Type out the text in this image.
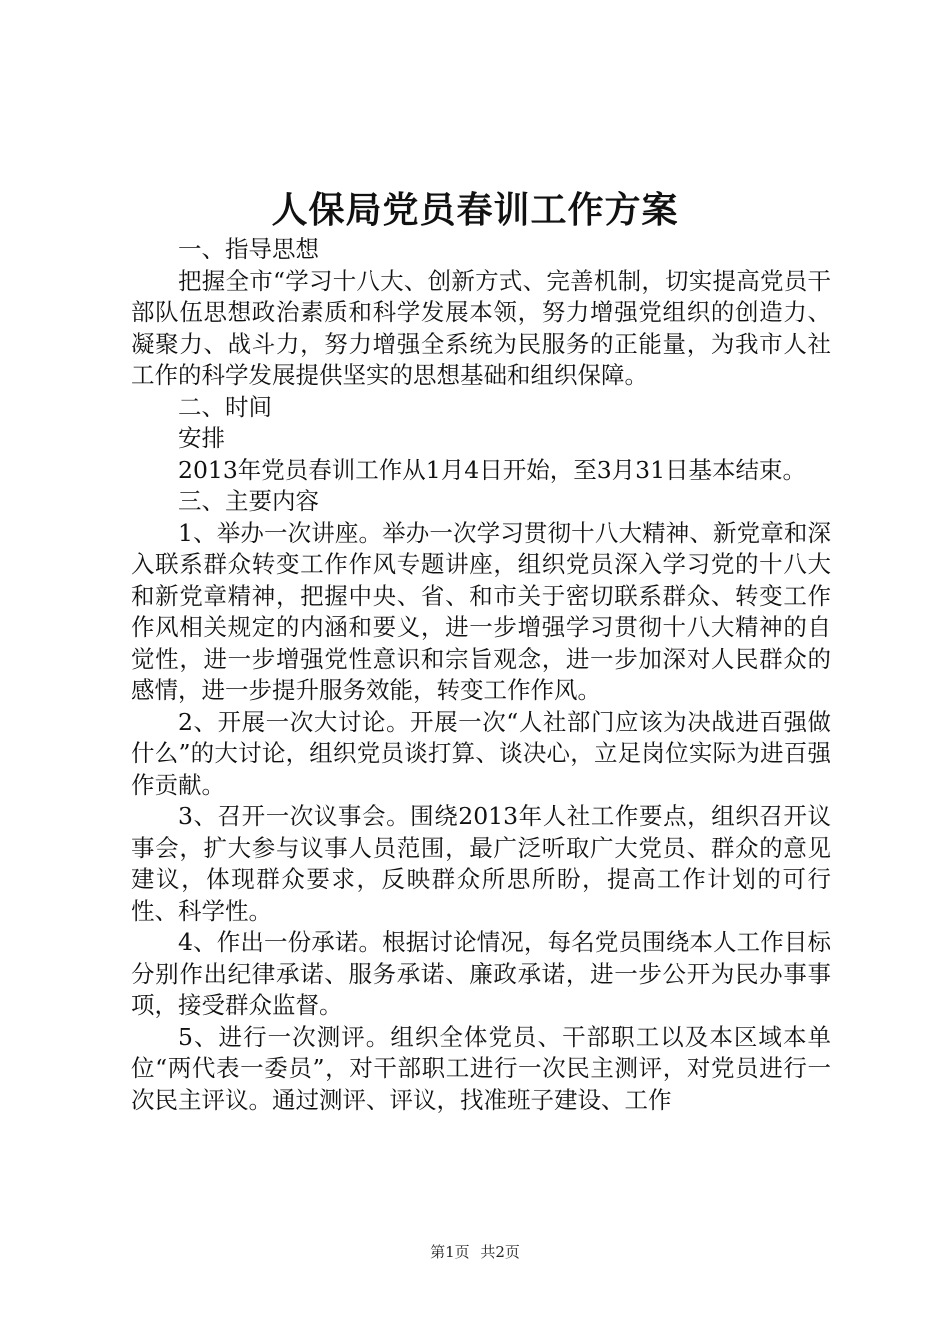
人保局党员春训工作方案

一、指导思想

把握全市“学习十八大、创新方式、完善机制，切实提高党员干部队伍思想政治素质和科学发展本领，努力增强党组织的创造力、凝聚力、战斗力，努力增强全系统为民服务的正能量，为我市人社工作的科学发展提供坚实的思想基础和组织保障。

二、时间

安排

2013年党员春训工作从1月4日开始，至3月31日基本结束。

三、主要内容

1、举办一次讲座。举办一次学习贯彻十八大精神、新党章和深入联系群众转变工作作风专题讲座，组织党员深入学习党的十八大和新党章精神，把握中央、省、和市关于密切联系群众、转变工作作风相关规定的内涵和要义，进一步增强学习贯彻十八大精神的自觉性，进一步增强党性意识和宗旨观念，进一步加深对人民群众的感情，进一步提升服务效能，转变工作作风。

2、开展一次大讨论。开展一次“人社部门应该为决战进百强做什么”的大讨论，组织党员谈打算、谈决心，立足岗位实际为进百强作贡献。

3、召开一次议事会。围绕2013年人社工作要点，组织召开议事会，扩大参与议事人员范围，最广泛听取广大党员、群众的意见建议，体现群众要求，反映群众所思所盼，提高工作计划的可行性、科学性。

4、作出一份承诺。根据讨论情况，每名党员围绕本人工作目标分别作出纪律承诺、服务承诺、廉政承诺，进一步公开为民办事事项，接受群众监督。

5、进行一次测评。组织全体党员、干部职工以及本区域本单位“两代表一委员”，对干部职工进行一次民主测评，对党员进行一次民主评议。通过测评、评议，找准班子建设、工作

第1页 共2页
